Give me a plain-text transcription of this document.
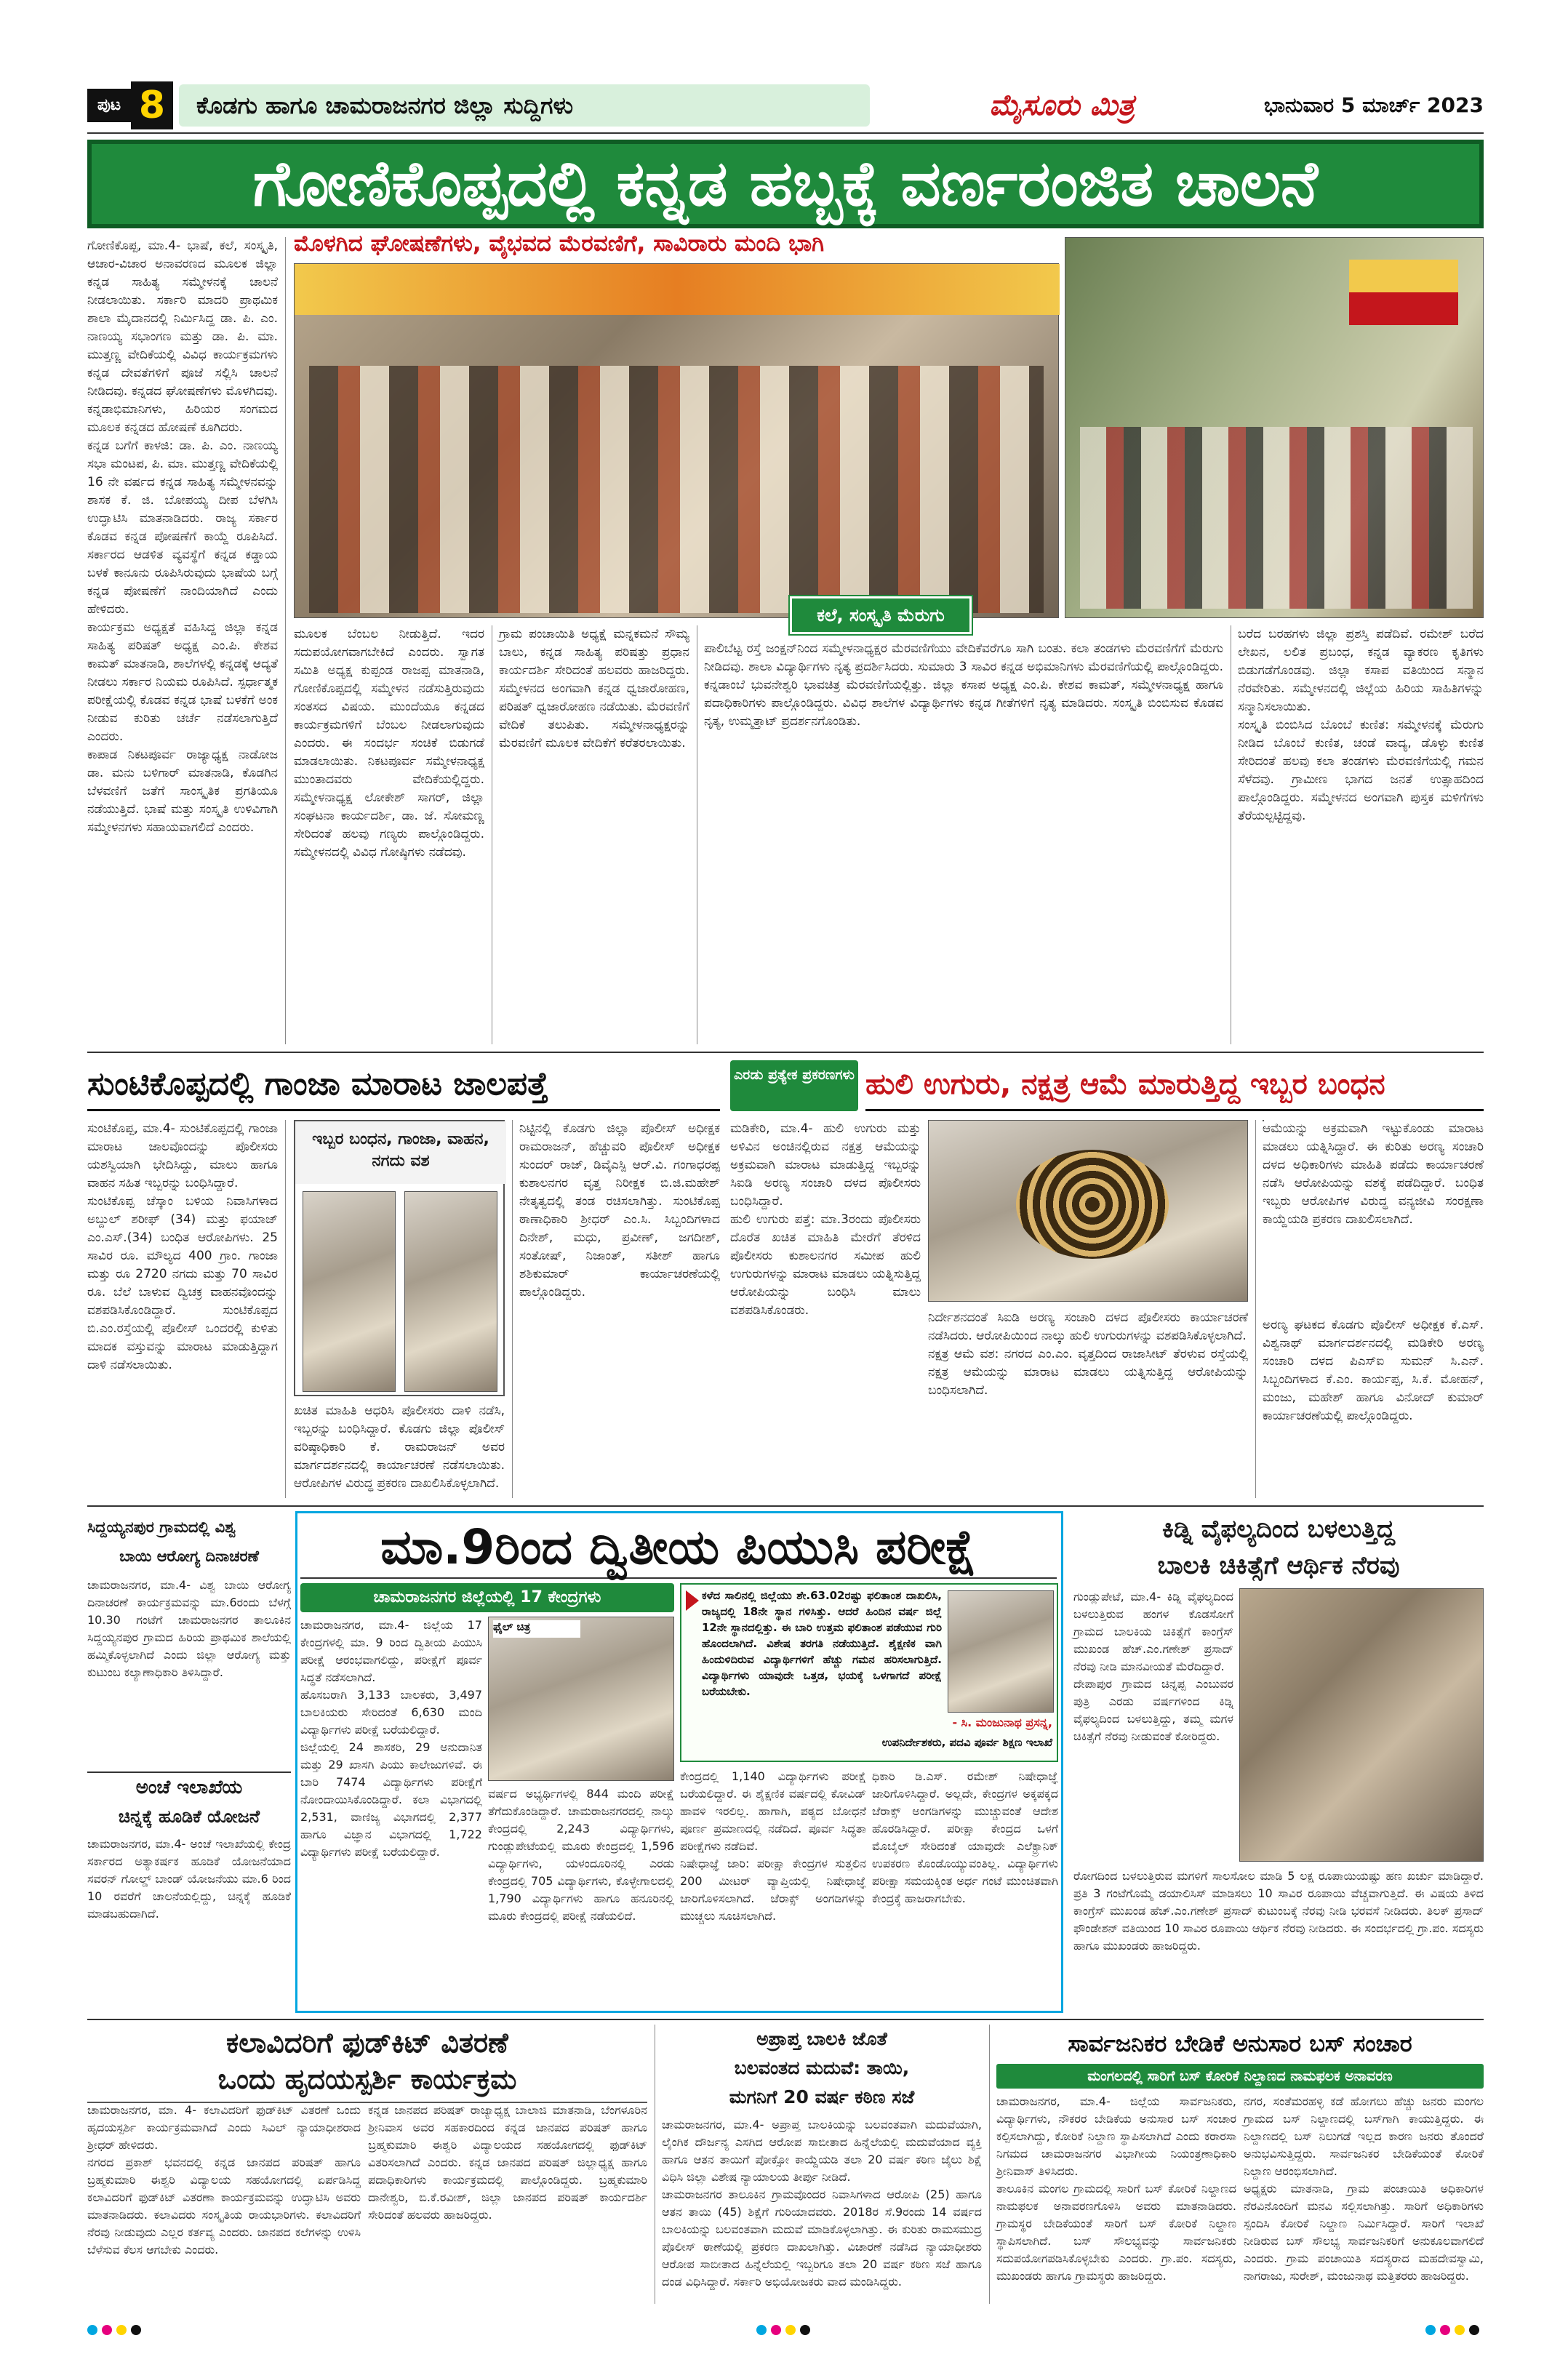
ಪುಟ 8	ಕೊಡಗು ಹಾಗೂ ಚಾಮರಾಜನಗರ ಜಿಲ್ಲಾ ಸುದ್ದಿಗಳು	ಮೈಸೂರು ಮಿತ್ರ	ಭಾನುವಾರ 5 ಮಾರ್ಚ್ 2023
ಗೋಣಿಕೊಪ್ಪದಲ್ಲಿ ಕನ್ನಡ ಹಬ್ಬಕ್ಕೆ ವರ್ಣರಂಜಿತ ಚಾಲನೆ
ಗೋಣಿಕೊಪ್ಪ, ಮಾ.4- ಭಾಷೆ, ಕಲೆ, ಸಂಸ್ಕೃತಿ, ಆಚಾರ-ವಿಚಾರ ಅನಾವರಣದ ಮೂಲಕ ಜಿಲ್ಲಾ ಕನ್ನಡ ಸಾಹಿತ್ಯ ಸಮ್ಮೇಳನಕ್ಕೆ ಚಾಲನೆ ನೀಡಲಾಯಿತು. ಸರ್ಕಾರಿ ಮಾದರಿ ಪ್ರಾಥಮಿಕ ಶಾಲಾ ಮೈದಾನದಲ್ಲಿ ನಿರ್ಮಿಸಿದ್ದ ಡಾ. ಪಿ. ಎಂ. ನಾಣಯ್ಯ ಸಭಾಂಗಣ ಮತ್ತು ಡಾ. ಪಿ. ಮಾ. ಮುತ್ತಣ್ಣ ವೇದಿಕೆಯಲ್ಲಿ ವಿವಿಧ ಕಾರ್ಯಕ್ರಮಗಳು ಕನ್ನಡ ದೇವತೆಗಳಿಗೆ ಪೂಜೆ ಸಲ್ಲಿಸಿ ಚಾಲನೆ ನೀಡಿದವು. ಕನ್ನಡದ ಘೋಷಣೆಗಳು ಮೊಳಗಿದವು. ಕನ್ನಡಾಭಿಮಾನಿಗಳು, ಹಿರಿಯರ ಸಂಗಮದ ಮೂಲಕ ಕನ್ನಡದ ಹೋಷಣೆ ಕೂಗಿದರು.
ಕನ್ನಡ ಬಗೆಗೆ ಕಾಳಜಿ: ಡಾ. ಪಿ. ಎಂ. ನಾಣಯ್ಯ ಸಭಾ ಮಂಟಪ, ಪಿ. ಮಾ. ಮುತ್ತಣ್ಣ ವೇದಿಕೆಯಲ್ಲಿ 16 ನೇ ವರ್ಷದ ಕನ್ನಡ ಸಾಹಿತ್ಯ ಸಮ್ಮೇಳನವನ್ನು ಶಾಸಕ ಕೆ. ಜಿ. ಬೋಪಯ್ಯ ದೀಪ ಬೆಳಗಿಸಿ ಉದ್ಘಾಟಿಸಿ ಮಾತನಾಡಿದರು. ರಾಜ್ಯ ಸರ್ಕಾರ ಕೊಡವ ಕನ್ನಡ ಪೋಷಣೆಗೆ ಕಾಯ್ದೆ ರೂಪಿಸಿದೆ. ಸರ್ಕಾರದ ಆಡಳಿತ ವ್ಯವಸ್ಥೆಗೆ ಕನ್ನಡ ಕಡ್ಡಾಯ ಬಳಕೆ ಕಾನೂನು ರೂಪಿಸಿರುವುದು ಭಾಷೆಯ ಬಗ್ಗೆ ಕನ್ನಡ ಪೋಷಣೆಗೆ ನಾಂದಿಯಾಗಿದೆ ಎಂದು ಹೇಳಿದರು.
ಕಾರ್ಯಕ್ರಮ ಅಧ್ಯಕ್ಷತೆ ವಹಿಸಿದ್ದ ಜಿಲ್ಲಾ ಕನ್ನಡ ಸಾಹಿತ್ಯ ಪರಿಷತ್ ಅಧ್ಯಕ್ಷ ಎಂ.ಪಿ. ಕೇಶವ ಕಾಮತ್ ಮಾತನಾಡಿ, ಶಾಲೆಗಳಲ್ಲಿ ಕನ್ನಡಕ್ಕೆ ಆದ್ಯತೆ ನೀಡಲು ಸರ್ಕಾರ ನಿಯಮ ರೂಪಿಸಿದೆ. ಸ್ಪರ್ಧಾತ್ಮಕ ಪರೀಕ್ಷೆಯಲ್ಲಿ ಕೊಡವ ಕನ್ನಡ ಭಾಷೆ ಬಳಕೆಗೆ ಅಂಕ ನೀಡುವ ಕುರಿತು ಚರ್ಚೆ ನಡೆಸಲಾಗುತ್ತಿದೆ ಎಂದರು.
ಕಾಪಾಡ ನಿಕಟಪೂರ್ವ ರಾಜ್ಯಾಧ್ಯಕ್ಷ ನಾಡೋಜ ಡಾ. ಮನು ಬಳಿಗಾರ್ ಮಾತನಾಡಿ, ಕೊಡಗಿನ ಬೆಳವಣಿಗೆ ಜತೆಗೆ ಸಾಂಸ್ಕೃತಿಕ ಪ್ರಗತಿಯೂ ನಡೆಯುತ್ತಿದೆ. ಭಾಷೆ ಮತ್ತು ಸಂಸ್ಕೃತಿ ಉಳಿವಿಗಾಗಿ ಸಮ್ಮೇಳನಗಳು ಸಹಾಯವಾಗಲಿದೆ ಎಂದರು.
ಮೊಳಗಿದ ಘೋಷಣೆಗಳು, ವೈಭವದ ಮೆರವಣಿಗೆ, ಸಾವಿರಾರು ಮಂದಿ ಭಾಗಿ
ಮೂಲಕ ಬೆಂಬಲ ನೀಡುತ್ತಿದೆ. ಇದರ ಸದುಪಯೋಗವಾಗಬೇಕಿದೆ ಎಂದರು. ಸ್ವಾಗತ ಸಮಿತಿ ಅಧ್ಯಕ್ಷ ಕುಪ್ಪಂಡ ರಾಜಪ್ಪ ಮಾತನಾಡಿ, ಗೋಣಿಕೊಪ್ಪದಲ್ಲಿ ಸಮ್ಮೇಳನ ನಡೆಸುತ್ತಿರುವುದು ಸಂತಸದ ವಿಷಯ. ಮುಂದೆಯೂ ಕನ್ನಡದ ಕಾರ್ಯಕ್ರಮಗಳಿಗೆ ಬೆಂಬಲ ನೀಡಲಾಗುವುದು ಎಂದರು. ಈ ಸಂದರ್ಭ ಸಂಚಿಕೆ ಬಿಡುಗಡೆ ಮಾಡಲಾಯಿತು. ನಿಕಟಪೂರ್ವ ಸಮ್ಮೇಳನಾಧ್ಯಕ್ಷ ಮುಂತಾದವರು ವೇದಿಕೆಯಲ್ಲಿದ್ದರು. ಸಮ್ಮೇಳನಾಧ್ಯಕ್ಷ ಲೋಕೇಶ್ ಸಾಗರ್, ಜಿಲ್ಲಾ ಸಂಘಟನಾ ಕಾರ್ಯದರ್ಶಿ, ಡಾ. ಜೆ. ಸೋಮಣ್ಣ ಸೇರಿದಂತೆ ಹಲವು ಗಣ್ಯರು ಪಾಲ್ಗೊಂಡಿದ್ದರು. ಸಮ್ಮೇಳನದಲ್ಲಿ ವಿವಿಧ ಗೋಷ್ಠಿಗಳು ನಡೆದವು.
ಗ್ರಾಮ ಪಂಚಾಯಿತಿ ಅಧ್ಯಕ್ಷೆ ಮನ್ನಕಮನೆ ಸೌಮ್ಯ ಬಾಲು, ಕನ್ನಡ ಸಾಹಿತ್ಯ ಪರಿಷತ್ತು ಪ್ರಧಾನ ಕಾರ್ಯದರ್ಶಿ ಸೇರಿದಂತೆ ಹಲವರು ಹಾಜರಿದ್ದರು. ಸಮ್ಮೇಳನದ ಅಂಗವಾಗಿ ಕನ್ನಡ ಧ್ವಜಾರೋಹಣ, ಪರಿಷತ್ ಧ್ವಜಾರೋಹಣ ನಡೆಯಿತು. ಮೆರವಣಿಗೆ ವೇದಿಕೆ ತಲುಪಿತು. ಸಮ್ಮೇಳನಾಧ್ಯಕ್ಷರನ್ನು ಮೆರವಣಿಗೆ ಮೂಲಕ ವೇದಿಕೆಗೆ ಕರೆತರಲಾಯಿತು.
ಕಲೆ, ಸಂಸ್ಕೃತಿ ಮೆರುಗು
ಪಾಲಿಬೆಟ್ಟ ರಸ್ತೆ ಜಂಕ್ಷನ್‌ನಿಂದ ಸಮ್ಮೇಳನಾಧ್ಯಕ್ಷರ ಮೆರವಣಿಗೆಯು ವೇದಿಕೆವರೆಗೂ ಸಾಗಿ ಬಂತು. ಕಲಾ ತಂಡಗಳು ಮೆರವಣಿಗೆಗೆ ಮೆರುಗು ನೀಡಿದವು. ಶಾಲಾ ವಿದ್ಯಾರ್ಥಿಗಳು ನೃತ್ಯ ಪ್ರದರ್ಶಿಸಿದರು. ಸುಮಾರು 3 ಸಾವಿರ ಕನ್ನಡ ಅಭಿಮಾನಿಗಳು ಮೆರವಣಿಗೆಯಲ್ಲಿ ಪಾಲ್ಗೊಂಡಿದ್ದರು. ಕನ್ನಡಾಂಬೆ ಭುವನೇಶ್ವರಿ ಭಾವಚಿತ್ರ ಮೆರವಣಿಗೆಯಲ್ಲಿತ್ತು. ಜಿಲ್ಲಾ ಕಸಾಪ ಅಧ್ಯಕ್ಷ ಎಂ.ಪಿ. ಕೇಶವ ಕಾಮತ್, ಸಮ್ಮೇಳನಾಧ್ಯಕ್ಷ ಹಾಗೂ ಪದಾಧಿಕಾರಿಗಳು ಪಾಲ್ಗೊಂಡಿದ್ದರು. ವಿವಿಧ ಶಾಲೆಗಳ ವಿದ್ಯಾರ್ಥಿಗಳು ಕನ್ನಡ ಗೀತೆಗಳಿಗೆ ನೃತ್ಯ ಮಾಡಿದರು. ಸಂಸ್ಕೃತಿ ಬಿಂಬಿಸುವ ಕೊಡವ ನೃತ್ಯ, ಉಮ್ಮತ್ತಾಟ್ ಪ್ರದರ್ಶನಗೊಂಡಿತು.
ಬರೆದ ಬರಹಗಳು ಜಿಲ್ಲಾ ಪ್ರಶಸ್ತಿ ಪಡೆದಿವೆ. ರಮೇಶ್ ಬರೆದ ಲೇಖನ, ಲಲಿತ ಪ್ರಬಂಧ, ಕನ್ನಡ ವ್ಯಾಕರಣ ಕೃತಿಗಳು ಬಿಡುಗಡೆಗೊಂಡವು. ಜಿಲ್ಲಾ ಕಸಾಪ ವತಿಯಿಂದ ಸನ್ಮಾನ ನೆರವೇರಿತು. ಸಮ್ಮೇಳನದಲ್ಲಿ ಜಿಲ್ಲೆಯ ಹಿರಿಯ ಸಾಹಿತಿಗಳನ್ನು ಸನ್ಮಾನಿಸಲಾಯಿತು.
ಸಂಸ್ಕೃತಿ ಬಿಂಬಿಸಿದ ಬೊಂಬೆ ಕುಣಿತ: ಸಮ್ಮೇಳನಕ್ಕೆ ಮೆರುಗು ನೀಡಿದ ಬೊಂಬೆ ಕುಣಿತ, ಚಂಡೆ ವಾದ್ಯ, ಡೊಳ್ಳು ಕುಣಿತ ಸೇರಿದಂತೆ ಹಲವು ಕಲಾ ತಂಡಗಳು ಮೆರವಣಿಗೆಯಲ್ಲಿ ಗಮನ ಸೆಳೆದವು. ಗ್ರಾಮೀಣ ಭಾಗದ ಜನತೆ ಉತ್ಸಾಹದಿಂದ ಪಾಲ್ಗೊಂಡಿದ್ದರು. ಸಮ್ಮೇಳನದ ಅಂಗವಾಗಿ ಪುಸ್ತಕ ಮಳಿಗೆಗಳು ತೆರೆಯಲ್ಪಟ್ಟಿದ್ದವು.
ಸುಂಟಿಕೊಪ್ಪದಲ್ಲಿ ಗಾಂಜಾ ಮಾರಾಟ ಜಾಲಪತ್ತೆ
ಸುಂಟಿಕೊಪ್ಪ, ಮಾ.4- ಸುಂಟಿಕೊಪ್ಪದಲ್ಲಿ ಗಾಂಜಾ ಮಾರಾಟ ಜಾಲವೊಂದನ್ನು ಪೊಲೀಸರು ಯಶಸ್ವಿಯಾಗಿ ಭೇದಿಸಿದ್ದು, ಮಾಲು ಹಾಗೂ ವಾಹನ ಸಹಿತ ಇಬ್ಬರನ್ನು ಬಂಧಿಸಿದ್ದಾರೆ.
ಸುಂಟಿಕೊಪ್ಪ ಚೆಸ್ಕಾಂ ಬಳಿಯ ನಿವಾಸಿಗಳಾದ ಅಬ್ದುಲ್ ಶರೀಫ್ (34) ಮತ್ತು ಫಯಾಜ್ ಎಂ.ಎಸ್.(34) ಬಂಧಿತ ಆರೋಪಿಗಳು. 25 ಸಾವಿರ ರೂ. ಮೌಲ್ಯದ 400 ಗ್ರಾಂ. ಗಾಂಜಾ ಮತ್ತು ರೂ 2720 ನಗದು ಮತ್ತು 70 ಸಾವಿರ ರೂ. ಬೆಲೆ ಬಾಳುವ ದ್ವಿಚಕ್ರ ವಾಹನವೊಂದನ್ನು ವಶಪಡಿಸಿಕೊಂಡಿದ್ದಾರೆ. ಸುಂಟಿಕೊಪ್ಪದ ಬಿ.ಎಂ.ರಸ್ತೆಯಲ್ಲಿ ಪೊಲೀಸ್ ಒಂದರಲ್ಲಿ ಕುಳಿತು ಮಾದಕ ವಸ್ತುವನ್ನು ಮಾರಾಟ ಮಾಡುತ್ತಿದ್ದಾಗ ದಾಳಿ ನಡೆಸಲಾಯಿತು.
ಇಬ್ಬರ ಬಂಧನ, ಗಾಂಜಾ, ವಾಹನ, ನಗದು ವಶ
ಖಚಿತ ಮಾಹಿತಿ ಆಧರಿಸಿ ಪೊಲೀಸರು ದಾಳಿ ನಡೆಸಿ, ಇಬ್ಬರನ್ನು ಬಂಧಿಸಿದ್ದಾರೆ. ಕೊಡಗು ಜಿಲ್ಲಾ ಪೊಲೀಸ್ ವರಿಷ್ಠಾಧಿಕಾರಿ ಕೆ. ರಾಮರಾಜನ್ ಅವರ ಮಾರ್ಗದರ್ಶನದಲ್ಲಿ ಕಾರ್ಯಾಚರಣೆ ನಡೆಸಲಾಯಿತು. ಆರೋಪಿಗಳ ವಿರುದ್ಧ ಪ್ರಕರಣ ದಾಖಲಿಸಿಕೊಳ್ಳಲಾಗಿದೆ.
ನಿಟ್ಟಿನಲ್ಲಿ ಕೊಡಗು ಜಿಲ್ಲಾ ಪೊಲೀಸ್ ಅಧೀಕ್ಷಕ ರಾಮರಾಜನ್, ಹೆಚ್ಚುವರಿ ಪೊಲೀಸ್ ಅಧೀಕ್ಷಕ ಸುಂದರ್ ರಾಜ್, ಡಿವೈಎಸ್ಪಿ ಆರ್.ವಿ. ಗಂಗಾಧರಪ್ಪ ಕುಶಾಲನಗರ ವೃತ್ತ ನಿರೀಕ್ಷಕ ಬಿ.ಜಿ.ಮಹೇಶ್ ನೇತೃತ್ವದಲ್ಲಿ ತಂಡ ರಚಿಸಲಾಗಿತ್ತು. ಸುಂಟಿಕೊಪ್ಪ ಠಾಣಾಧಿಕಾರಿ ಶ್ರೀಧರ್ ಎಂ.ಸಿ. ಸಿಬ್ಬಂದಿಗಳಾದ ದಿನೇಶ್, ಮಧು, ಪ್ರವೀಣ್, ಜಗದೀಶ್, ಸಂತೋಷ್, ನಿಜಾಂತ್, ಸತೀಶ್ ಹಾಗೂ ಶಶಿಕುಮಾರ್ ಕಾರ್ಯಾಚರಣೆಯಲ್ಲಿ ಪಾಲ್ಗೊಂಡಿದ್ದರು.
ಎರಡು ಪ್ರತ್ಯೇಕ ಪ್ರಕರಣಗಳು ಹುಲಿ ಉಗುರು, ನಕ್ಷತ್ರ ಆಮೆ ಮಾರುತ್ತಿದ್ದ ಇಬ್ಬರ ಬಂಧನ
ಮಡಿಕೇರಿ, ಮಾ.4- ಹುಲಿ ಉಗುರು ಮತ್ತು ಅಳಿವಿನ ಅಂಚಿನಲ್ಲಿರುವ ನಕ್ಷತ್ರ ಆಮೆಯನ್ನು ಅಕ್ರಮವಾಗಿ ಮಾರಾಟ ಮಾಡುತ್ತಿದ್ದ ಇಬ್ಬರನ್ನು ಸಿಐಡಿ ಅರಣ್ಯ ಸಂಚಾರಿ ದಳದ ಪೊಲೀಸರು ಬಂಧಿಸಿದ್ದಾರೆ.
ಹುಲಿ ಉಗುರು ಪತ್ತೆ: ಮಾ.3ರಂದು ಪೊಲೀಸರು ದೊರೆತ ಖಚಿತ ಮಾಹಿತಿ ಮೇರೆಗೆ ತೆರಳಿದ ಪೊಲೀಸರು ಕುಶಾಲನಗರ ಸಮೀಪ ಹುಲಿ ಉಗುರುಗಳನ್ನು ಮಾರಾಟ ಮಾಡಲು ಯತ್ನಿಸುತ್ತಿದ್ದ ಆರೋಪಿಯನ್ನು ಬಂಧಿಸಿ ಮಾಲು ವಶಪಡಿಸಿಕೊಂಡರು.	ನಿರ್ದೇಶನದಂತೆ ಸಿಐಡಿ ಅರಣ್ಯ ಸಂಚಾರಿ ದಳದ ಪೊಲೀಸರು ಕಾರ್ಯಾಚರಣೆ ನಡೆಸಿದರು. ಆರೋಪಿಯಿಂದ ನಾಲ್ಕು ಹುಲಿ ಉಗುರುಗಳನ್ನು ವಶಪಡಿಸಿಕೊಳ್ಳಲಾಗಿದೆ.
ನಕ್ಷತ್ರ ಆಮೆ ವಶ: ನಗರದ ಎಂ.ಎಂ. ವೃತ್ತದಿಂದ ರಾಜಾಸೀಟ್ ತೆರಳುವ ರಸ್ತೆಯಲ್ಲಿ ನಕ್ಷತ್ರ ಆಮೆಯನ್ನು ಮಾರಾಟ ಮಾಡಲು ಯತ್ನಿಸುತ್ತಿದ್ದ ಆರೋಪಿಯನ್ನು ಬಂಧಿಸಲಾಗಿದೆ.
ಆಮೆಯನ್ನು ಅಕ್ರಮವಾಗಿ ಇಟ್ಟುಕೊಂಡು ಮಾರಾಟ ಮಾಡಲು ಯತ್ನಿಸಿದ್ದಾರೆ. ಈ ಕುರಿತು ಅರಣ್ಯ ಸಂಚಾರಿ ದಳದ ಅಧಿಕಾರಿಗಳು ಮಾಹಿತಿ ಪಡೆದು ಕಾರ್ಯಾಚರಣೆ ನಡೆಸಿ ಆರೋಪಿಯನ್ನು ವಶಕ್ಕೆ ಪಡೆದಿದ್ದಾರೆ. ಬಂಧಿತ ಇಬ್ಬರು ಆರೋಪಿಗಳ ವಿರುದ್ಧ ವನ್ಯಜೀವಿ ಸಂರಕ್ಷಣಾ ಕಾಯ್ದೆಯಡಿ ಪ್ರಕರಣ ದಾಖಲಿಸಲಾಗಿದೆ.
ಅರಣ್ಯ ಘಟಕದ ಕೊಡಗು ಪೊಲೀಸ್ ಅಧೀಕ್ಷಕ ಕೆ.ಎಸ್. ವಿಶ್ವನಾಥ್ ಮಾರ್ಗದರ್ಶನದಲ್ಲಿ ಮಡಿಕೇರಿ ಅರಣ್ಯ ಸಂಚಾರಿ ದಳದ ಪಿಎಸ್ಐ ಸುಮನ್ ಸಿ.ಎನ್. ಸಿಬ್ಬಂದಿಗಳಾದ ಕೆ.ಎಂ. ಕಾರ್ಯಪ್ಪ, ಸಿ.ಕೆ. ಮೋಹನ್, ಮಂಜು, ಮಹೇಶ್ ಹಾಗೂ ವಿನೋದ್ ಕುಮಾರ್ ಕಾರ್ಯಾಚರಣೆಯಲ್ಲಿ ಪಾಲ್ಗೊಂಡಿದ್ದರು.
ಸಿದ್ದಯ್ಯನಪುರ ಗ್ರಾಮದಲ್ಲಿ ವಿಶ್ವ
ಬಾಯಿ ಆರೋಗ್ಯ ದಿನಾಚರಣೆ
ಚಾಮರಾಜನಗರ, ಮಾ.4- ವಿಶ್ವ ಬಾಯಿ ಆರೋಗ್ಯ ದಿನಾಚರಣೆ ಕಾರ್ಯಕ್ರಮವನ್ನು ಮಾ.6ರಂದು ಬೆಳಗ್ಗೆ 10.30 ಗಂಟೆಗೆ ಚಾಮರಾಜನಗರ ತಾಲೂಕಿನ ಸಿದ್ದಯ್ಯನಪುರ ಗ್ರಾಮದ ಹಿರಿಯ ಪ್ರಾಥಮಿಕ ಶಾಲೆಯಲ್ಲಿ ಹಮ್ಮಿಕೊಳ್ಳಲಾಗಿದೆ ಎಂದು ಜಿಲ್ಲಾ ಆರೋಗ್ಯ ಮತ್ತು ಕುಟುಂಬ ಕಲ್ಯಾಣಾಧಿಕಾರಿ ತಿಳಿಸಿದ್ದಾರೆ.
ಅಂಚೆ ಇಲಾಖೆಯ
ಚಿನ್ನಕ್ಕೆ ಹೂಡಿಕೆ ಯೋಜನೆ
ಚಾಮರಾಜನಗರ, ಮಾ.4- ಅಂಚೆ ಇಲಾಖೆಯಲ್ಲಿ ಕೇಂದ್ರ ಸರ್ಕಾರದ ಅತ್ಯಾಕರ್ಷಕ ಹೂಡಿಕೆ ಯೋಜನೆಯಾದ ಸವರನ್ ಗೋಲ್ಡ್ ಬಾಂಡ್ ಯೋಜನೆಯು ಮಾ.6 ರಿಂದ 10 ರವರೆಗೆ ಚಾಲನೆಯಲ್ಲಿದ್ದು, ಚಿನ್ನಕ್ಕೆ ಹೂಡಿಕೆ ಮಾಡಬಹುದಾಗಿದೆ.
ಮಾ.9ರಿಂದ ದ್ವಿತೀಯ ಪಿಯುಸಿ ಪರೀಕ್ಷೆ
ಚಾಮರಾಜನಗರ ಜಿಲ್ಲೆಯಲ್ಲಿ 17 ಕೇಂದ್ರಗಳು
ಚಾಮರಾಜನಗರ, ಮಾ.4- ಜಿಲ್ಲೆಯ 17 ಕೇಂದ್ರಗಳಲ್ಲಿ ಮಾ. 9 ರಿಂದ ದ್ವಿತೀಯ ಪಿಯುಸಿ ಪರೀಕ್ಷೆ ಆರಂಭವಾಗಲಿದ್ದು, ಪರೀಕ್ಷೆಗೆ ಪೂರ್ವ ಸಿದ್ಧತೆ ನಡೆಸಲಾಗಿದೆ.
ಹೊಸಬರಾಗಿ 3,133 ಬಾಲಕರು, 3,497 ಬಾಲಕಿಯರು ಸೇರಿದಂತೆ 6,630 ಮಂದಿ ವಿದ್ಯಾರ್ಥಿಗಳು ಪರೀಕ್ಷೆ ಬರೆಯಲಿದ್ದಾರೆ.
ಜಿಲ್ಲೆಯಲ್ಲಿ 24 ಶಾಸಕರಿ, 29 ಅನುದಾನಿತ ಮತ್ತು 29 ಖಾಸಗಿ ಪಿಯು ಕಾಲೇಜುಗಳಿವೆ. ಈ ಬಾರಿ 7474 ವಿದ್ಯಾರ್ಥಿಗಳು ಪರೀಕ್ಷೆಗೆ ನೋಂದಾಯಿಸಿಕೊಂಡಿದ್ದಾರೆ. ಕಲಾ ವಿಭಾಗದಲ್ಲಿ 2,531, ವಾಣಿಜ್ಯ ವಿಭಾಗದಲ್ಲಿ 2,377 ಹಾಗೂ ವಿಜ್ಞಾನ ವಿಭಾಗದಲ್ಲಿ 1,722 ವಿದ್ಯಾರ್ಥಿಗಳು ಪರೀಕ್ಷೆ ಬರೆಯಲಿದ್ದಾರೆ.
ಫೈಲ್ ಚಿತ್ರ
ವರ್ಷದ ಅಭ್ಯರ್ಥಿಗಳಲ್ಲಿ 844 ಮಂದಿ ಪರೀಕ್ಷೆ ತೆಗೆದುಕೊಂಡಿದ್ದಾರೆ. ಚಾಮರಾಜನಗರದಲ್ಲಿ ನಾಲ್ಕು ಕೇಂದ್ರದಲ್ಲಿ 2,243 ವಿದ್ಯಾರ್ಥಿಗಳು, ಗುಂಡ್ಲುಪೇಟೆಯಲ್ಲಿ ಮೂರು ಕೇಂದ್ರದಲ್ಲಿ 1,596 ವಿದ್ಯಾರ್ಥಿಗಳು, ಯಳಂದೂರಿನಲ್ಲಿ ಎರಡು ಕೇಂದ್ರದಲ್ಲಿ 705 ವಿದ್ಯಾರ್ಥಿಗಳು, ಕೊಳ್ಳೇಗಾಲದಲ್ಲಿ 1,790 ವಿದ್ಯಾರ್ಥಿಗಳು ಹಾಗೂ ಹನೂರಿನಲ್ಲಿ ಮೂರು ಕೇಂದ್ರದಲ್ಲಿ ಪರೀಕ್ಷೆ ನಡೆಯಲಿದೆ.
ಕಳೆದ ಸಾಲಿನಲ್ಲಿ ಜಿಲ್ಲೆಯು ಶೇ.63.02ರಷ್ಟು ಫಲಿತಾಂಶ ದಾಖಲಿಸಿ, ರಾಜ್ಯದಲ್ಲಿ 18ನೇ ಸ್ಥಾನ ಗಳಿಸಿತ್ತು. ಆದರೆ ಹಿಂದಿನ ವರ್ಷ ಜಿಲ್ಲೆ 12ನೇ ಸ್ಥಾನದಲ್ಲಿತ್ತು. ಈ ಬಾರಿ ಉತ್ತಮ ಫಲಿತಾಂಶ ಪಡೆಯುವ ಗುರಿ ಹೊಂದಲಾಗಿದೆ. ವಿಶೇಷ ತರಗತಿ ನಡೆಯುತ್ತಿದೆ. ಶೈಕ್ಷಣಿಕ ವಾಗಿ ಹಿಂದುಳಿದಿರುವ ವಿದ್ಯಾರ್ಥಿಗಳಿಗೆ ಹೆಚ್ಚು ಗಮನ ಹರಿಸಲಾಗುತ್ತಿದೆ. ವಿದ್ಯಾರ್ಥಿಗಳು ಯಾವುದೇ ಒತ್ತಡ, ಭಯಕ್ಕೆ ಒಳಗಾಗದೆ ಪರೀಕ್ಷೆ ಬರೆಯಬೇಕು.
- ಸಿ. ಮಂಜುನಾಥ ಪ್ರಸನ್ನ,
ಉಪನಿರ್ದೇಶಕರು, ಪದವಿ ಪೂರ್ವ ಶಿಕ್ಷಣ ಇಲಾಖೆ
ಕೇಂದ್ರದಲ್ಲಿ 1,140 ವಿದ್ಯಾರ್ಥಿಗಳು ಪರೀಕ್ಷೆ ಬರೆಯಲಿದ್ದಾರೆ. ಈ ಶೈಕ್ಷಣಿಕ ವರ್ಷದಲ್ಲಿ ಕೋವಿಡ್ ಹಾವಳಿ ಇರಲಿಲ್ಲ. ಹಾಗಾಗಿ, ಪಠ್ಯದ ಬೋಧನೆ ಪೂರ್ಣ ಪ್ರಮಾಣದಲ್ಲಿ ನಡೆದಿದೆ. ಪೂರ್ವ ಸಿದ್ಧತಾ ಪರೀಕ್ಷೆಗಳು ನಡೆದಿವೆ.
ನಿಷೇಧಾಜ್ಞೆ ಜಾರಿ: ಪರೀಕ್ಷಾ ಕೇಂದ್ರಗಳ ಸುತ್ತಲಿನ 200 ಮೀಟರ್ ವ್ಯಾಪ್ತಿಯಲ್ಲಿ ನಿಷೇಧಾಜ್ಞೆ ಜಾರಿಗೊಳಿಸಲಾಗಿದೆ. ಜೆರಾಕ್ಸ್ ಅಂಗಡಿಗಳನ್ನು ಮುಚ್ಚಲು ಸೂಚಿಸಲಾಗಿದೆ.
ಧಿಕಾರಿ ಡಿ.ಎಸ್. ರಮೇಶ್ ನಿಷೇಧಾಜ್ಞೆ ಜಾರಿಗೊಳಿಸಿದ್ದಾರೆ. ಅಲ್ಲದೇ, ಕೇಂದ್ರಗಳ ಅಕ್ಕಪಕ್ಕದ ಜೆರಾಕ್ಸ್ ಅಂಗಡಿಗಳನ್ನು ಮುಚ್ಚುವಂತೆ ಆದೇಶ ಹೊರಡಿಸಿದ್ದಾರೆ. ಪರೀಕ್ಷಾ ಕೇಂದ್ರದ ಒಳಗೆ ಮೊಬೈಲ್ ಸೇರಿದಂತೆ ಯಾವುದೇ ಎಲೆಕ್ಟ್ರಾನಿಕ್ ಉಪಕರಣ ಕೊಂಡೊಯ್ಯುವಂತಿಲ್ಲ. ವಿದ್ಯಾರ್ಥಿಗಳು ಪರೀಕ್ಷಾ ಸಮಯಕ್ಕಿಂತ ಅರ್ಧ ಗಂಟೆ ಮುಂಚಿತವಾಗಿ ಕೇಂದ್ರಕ್ಕೆ ಹಾಜರಾಗಬೇಕು.
ಕಿಡ್ನಿ ವೈಫಲ್ಯದಿಂದ ಬಳಲುತ್ತಿದ್ದ
ಬಾಲಕಿ ಚಿಕಿತ್ಸೆಗೆ ಆರ್ಥಿಕ ನೆರವು
ಗುಂಡ್ಲುಪೇಟೆ, ಮಾ.4- ಕಿಡ್ನಿ ವೈಫಲ್ಯದಿಂದ ಬಳಲುತ್ತಿರುವ ಹಂಗಳ ಕೊಡಸೋಗೆ ಗ್ರಾಮದ ಬಾಲಕಿಯ ಚಿಕಿತ್ಸೆಗೆ ಕಾಂಗ್ರೆಸ್ ಮುಖಂಡ ಹೆಚ್.ಎಂ.ಗಣೇಶ್ ಪ್ರಸಾದ್ ನೆರವು ನೀಡಿ ಮಾನವೀಯತೆ ಮೆರೆದಿದ್ದಾರೆ.
ದೇಪಾಪುರ ಗ್ರಾಮದ ಚಿನ್ನಪ್ಪ ಎಂಬುವರ ಪುತ್ರಿ ಎರಡು ವರ್ಷಗಳಿಂದ ಕಿಡ್ನಿ ವೈಫಲ್ಯದಿಂದ ಬಳಲುತ್ತಿದ್ದು, ತಮ್ಮ ಮಗಳ ಚಿಕಿತ್ಸೆಗೆ ನೆರವು ನೀಡುವಂತೆ ಕೋರಿದ್ದರು.
ರೋಗದಿಂದ ಬಳಲುತ್ತಿರುವ ಮಗಳಿಗೆ ಸಾಲಸೋಲ ಮಾಡಿ 5 ಲಕ್ಷ ರೂಪಾಯಿಯಷ್ಟು ಹಣ ಖರ್ಚು ಮಾಡಿದ್ದಾರೆ. ಪ್ರತಿ 3 ಗಂಟೆಗೊಮ್ಮೆ ಡಯಾಲಿಸಿಸ್ ಮಾಡಿಸಲು 10 ಸಾವಿರ ರೂಪಾಯಿ ವೆಚ್ಚವಾಗುತ್ತಿದೆ. ಈ ವಿಷಯ ತಿಳಿದ ಕಾಂಗ್ರೆಸ್ ಮುಖಂಡ ಹೆಚ್.ಎಂ.ಗಣೇಶ್ ಪ್ರಸಾದ್ ಕುಟುಂಬಕ್ಕೆ ನೆರವು ನೀಡಿ ಭರವಸೆ ನೀಡಿದರು. ತಿಲಕ್ ಪ್ರಸಾದ್ ಫೌಂಡೇಶನ್ ವತಿಯಿಂದ 10 ಸಾವಿರ ರೂಪಾಯಿ ಆರ್ಥಿಕ ನೆರವು ನೀಡಿದರು. ಈ ಸಂದರ್ಭದಲ್ಲಿ ಗ್ರಾ.ಪಂ. ಸದಸ್ಯರು ಹಾಗೂ ಮುಖಂಡರು ಹಾಜರಿದ್ದರು.
ಕಲಾವಿದರಿಗೆ ಫುಡ್‌ಕಿಟ್ ವಿತರಣೆ
ಒಂದು ಹೃದಯಸ್ಪರ್ಶಿ ಕಾರ್ಯಕ್ರಮ
ಚಾಮರಾಜನಗರ, ಮಾ. 4- ಕಲಾವಿದರಿಗೆ ಫುಡ್‌ಕಿಟ್ ವಿತರಣೆ ಒಂದು ಹೃದಯಸ್ಪರ್ಶಿ ಕಾರ್ಯಕ್ರಮವಾಗಿದೆ ಎಂದು ಸಿವಿಲ್ ನ್ಯಾಯಾಧೀಶರಾದ ಶ್ರೀಧರ್ ಹೇಳಿದರು.
ನಗರದ ಪ್ರಕಾಶ್ ಭವನದಲ್ಲಿ ಕನ್ನಡ ಜಾನಪದ ಪರಿಷತ್ ಹಾಗೂ ಬ್ರಹ್ಮಕುಮಾರಿ ಈಶ್ವರಿ ವಿದ್ಯಾಲಯ ಸಹಯೋಗದಲ್ಲಿ ಏರ್ಪಡಿಸಿದ್ದ ಕಲಾವಿದರಿಗೆ ಫುಡ್‌ಕಿಟ್ ವಿತರಣಾ ಕಾರ್ಯಕ್ರಮವನ್ನು ಉದ್ಘಾಟಿಸಿ ಅವರು ಮಾತನಾಡಿದರು. ಕಲಾವಿದರು ಸಂಸ್ಕೃತಿಯ ರಾಯಭಾರಿಗಳು. ಕಲಾವಿದರಿಗೆ ನೆರವು ನೀಡುವುದು ಎಲ್ಲರ ಕರ್ತವ್ಯ ಎಂದರು. ಜಾನಪದ ಕಲೆಗಳನ್ನು ಉಳಿಸಿ ಬೆಳೆಸುವ ಕೆಲಸ ಆಗಬೇಕು ಎಂದರು.
ಕನ್ನಡ ಜಾನಪದ ಪರಿಷತ್ ರಾಜ್ಯಾಧ್ಯಕ್ಷ ಬಾಲಾಜಿ ಮಾತನಾಡಿ, ಬೆಂಗಳೂರಿನ ಶ್ರೀನಿವಾಸ ಅವರ ಸಹಕಾರದಿಂದ ಕನ್ನಡ ಜಾನಪದ ಪರಿಷತ್ ಹಾಗೂ ಬ್ರಹ್ಮಕುಮಾರಿ ಈಶ್ವರಿ ವಿದ್ಯಾಲಯದ ಸಹಯೋಗದಲ್ಲಿ ಫುಡ್‌ಕಿಟ್ ವಿತರಿಸಲಾಗಿದೆ ಎಂದರು. ಕನ್ನಡ ಜಾನಪದ ಪರಿಷತ್ ಜಿಲ್ಲಾಧ್ಯಕ್ಷ ಹಾಗೂ ಪದಾಧಿಕಾರಿಗಳು ಕಾರ್ಯಕ್ರಮದಲ್ಲಿ ಪಾಲ್ಗೊಂಡಿದ್ದರು. ಬ್ರಹ್ಮಕುಮಾರಿ ದಾನೇಶ್ವರಿ, ಬಿ.ಕೆ.ರವೀಶ್, ಜಿಲ್ಲಾ ಜಾನಪದ ಪರಿಷತ್ ಕಾರ್ಯದರ್ಶಿ ಸೇರಿದಂತೆ ಹಲವರು ಹಾಜರಿದ್ದರು.
ಅಪ್ರಾಪ್ತ ಬಾಲಕಿ ಜೊತೆ
ಬಲವಂತದ ಮದುವೆ: ತಾಯಿ,
ಮಗನಿಗೆ 20 ವರ್ಷ ಕಠಿಣ ಸಜೆ
ಚಾಮರಾಜನಗರ, ಮಾ.4- ಅಪ್ರಾಪ್ತ ಬಾಲಕಿಯನ್ನು ಬಲವಂತವಾಗಿ ಮದುವೆಯಾಗಿ, ಲೈಂಗಿಕ ದೌರ್ಜನ್ಯ ಎಸಗಿದ ಆರೋಪ ಸಾಬೀತಾದ ಹಿನ್ನೆಲೆಯಲ್ಲಿ ಮದುವೆಯಾದ ವ್ಯಕ್ತಿ ಹಾಗೂ ಆತನ ತಾಯಿಗೆ ಪೋಕ್ಸೋ ಕಾಯ್ದೆಯಡಿ ತಲಾ 20 ವರ್ಷ ಕಠಿಣ ಜೈಲು ಶಿಕ್ಷೆ ವಿಧಿಸಿ ಜಿಲ್ಲಾ ವಿಶೇಷ ನ್ಯಾಯಾಲಯ ತೀರ್ಪು ನೀಡಿದೆ.
ಚಾಮರಾಜನಗರ ತಾಲೂಕಿನ ಗ್ರಾಮವೊಂದರ ನಿವಾಸಿಗಳಾದ ಆರೋಪಿ (25) ಹಾಗೂ ಆತನ ತಾಯಿ (45) ಶಿಕ್ಷೆಗೆ ಗುರಿಯಾದವರು. 2018ರ ಸೆ.9ರಂದು 14 ವರ್ಷದ ಬಾಲಕಿಯನ್ನು ಬಲವಂತವಾಗಿ ಮದುವೆ ಮಾಡಿಕೊಳ್ಳಲಾಗಿತ್ತು. ಈ ಕುರಿತು ರಾಮಸಮುದ್ರ ಪೊಲೀಸ್ ಠಾಣೆಯಲ್ಲಿ ಪ್ರಕರಣ ದಾಖಲಾಗಿತ್ತು. ವಿಚಾರಣೆ ನಡೆಸಿದ ನ್ಯಾಯಾಧೀಶರು ಆರೋಪ ಸಾಬೀತಾದ ಹಿನ್ನೆಲೆಯಲ್ಲಿ ಇಬ್ಬರಿಗೂ ತಲಾ 20 ವರ್ಷ ಕಠಿಣ ಸಜೆ ಹಾಗೂ ದಂಡ ವಿಧಿಸಿದ್ದಾರೆ. ಸರ್ಕಾರಿ ಅಭಿಯೋಜಕರು ವಾದ ಮಂಡಿಸಿದ್ದರು.
ಸಾರ್ವಜನಿಕರ ಬೇಡಿಕೆ ಅನುಸಾರ ಬಸ್ ಸಂಚಾರ
ಮಂಗಲದಲ್ಲಿ ಸಾರಿಗೆ ಬಸ್ ಕೋರಿಕೆ ನಿಲ್ದಾಣದ ನಾಮಫಲಕ ಅನಾವರಣ
ಚಾಮರಾಜನಗರ, ಮಾ.4- ಜಿಲ್ಲೆಯ ಸಾರ್ವಜನಿಕರು, ವಿದ್ಯಾರ್ಥಿಗಳು, ನೌಕರರ ಬೇಡಿಕೆಯ ಅನುಸಾರ ಬಸ್ ಸಂಚಾರ ಕಲ್ಪಿಸಲಾಗಿದ್ದು, ಕೋರಿಕೆ ನಿಲ್ದಾಣ ಸ್ಥಾಪಿಸಲಾಗಿದೆ ಎಂದು ಕರಾರಸಾ ನಿಗಮದ ಚಾಮರಾಜನಗರ ವಿಭಾಗೀಯ ನಿಯಂತ್ರಣಾಧಿಕಾರಿ ಶ್ರೀನಿವಾಸ್ ತಿಳಿಸಿದರು.
ತಾಲೂಕಿನ ಮಂಗಲ ಗ್ರಾಮದಲ್ಲಿ ಸಾರಿಗೆ ಬಸ್ ಕೋರಿಕೆ ನಿಲ್ದಾಣದ ನಾಮಫಲಕ ಅನಾವರಣಗೊಳಿಸಿ ಅವರು ಮಾತನಾಡಿದರು. ಗ್ರಾಮಸ್ಥರ ಬೇಡಿಕೆಯಂತೆ ಸಾರಿಗೆ ಬಸ್ ಕೋರಿಕೆ ನಿಲ್ದಾಣ ಸ್ಥಾಪಿಸಲಾಗಿದೆ. ಬಸ್ ಸೌಲಭ್ಯವನ್ನು ಸಾರ್ವಜನಿಕರು ಸದುಪಯೋಗಪಡಿಸಿಕೊಳ್ಳಬೇಕು ಎಂದರು. ಗ್ರಾ.ಪಂ. ಸದಸ್ಯರು, ಮುಖಂಡರು ಹಾಗೂ ಗ್ರಾಮಸ್ಥರು ಹಾಜರಿದ್ದರು.
ನಗರ, ಸಂತೆಮರಹಳ್ಳಿ ಕಡೆ ಹೋಗಲು ಹೆಚ್ಚು ಜನರು ಮಂಗಲ ಗ್ರಾಮದ ಬಸ್ ನಿಲ್ದಾಣದಲ್ಲಿ ಬಸ್‌ಗಾಗಿ ಕಾಯುತ್ತಿದ್ದರು. ಈ ನಿಲ್ದಾಣದಲ್ಲಿ ಬಸ್ ನಿಲುಗಡೆ ಇಲ್ಲದ ಕಾರಣ ಜನರು ತೊಂದರೆ ಅನುಭವಿಸುತ್ತಿದ್ದರು. ಸಾರ್ವಜನಿಕರ ಬೇಡಿಕೆಯಂತೆ ಕೋರಿಕೆ ನಿಲ್ದಾಣ ಆರಂಭಿಸಲಾಗಿದೆ.
ಅಧ್ಯಕ್ಷರು ಮಾತನಾಡಿ, ಗ್ರಾಮ ಪಂಚಾಯಿತಿ ಅಧಿಕಾರಿಗಳ ನೆರವಿನೊಂದಿಗೆ ಮನವಿ ಸಲ್ಲಿಸಲಾಗಿತ್ತು. ಸಾರಿಗೆ ಅಧಿಕಾರಿಗಳು ಸ್ಪಂದಿಸಿ ಕೋರಿಕೆ ನಿಲ್ದಾಣ ನಿರ್ಮಿಸಿದ್ದಾರೆ. ಸಾರಿಗೆ ಇಲಾಖೆ ನೀಡಿರುವ ಬಸ್ ಸೌಲಭ್ಯ ಸಾರ್ವಜನಿಕರಿಗೆ ಅನುಕೂಲವಾಗಲಿದೆ ಎಂದರು. ಗ್ರಾಮ ಪಂಚಾಯಿತಿ ಸದಸ್ಯರಾದ ಮಹದೇವಸ್ವಾಮಿ, ನಾಗರಾಜು, ಸುರೇಶ್, ಮಂಜುನಾಥ ಮತ್ತಿತರರು ಹಾಜರಿದ್ದರು.
